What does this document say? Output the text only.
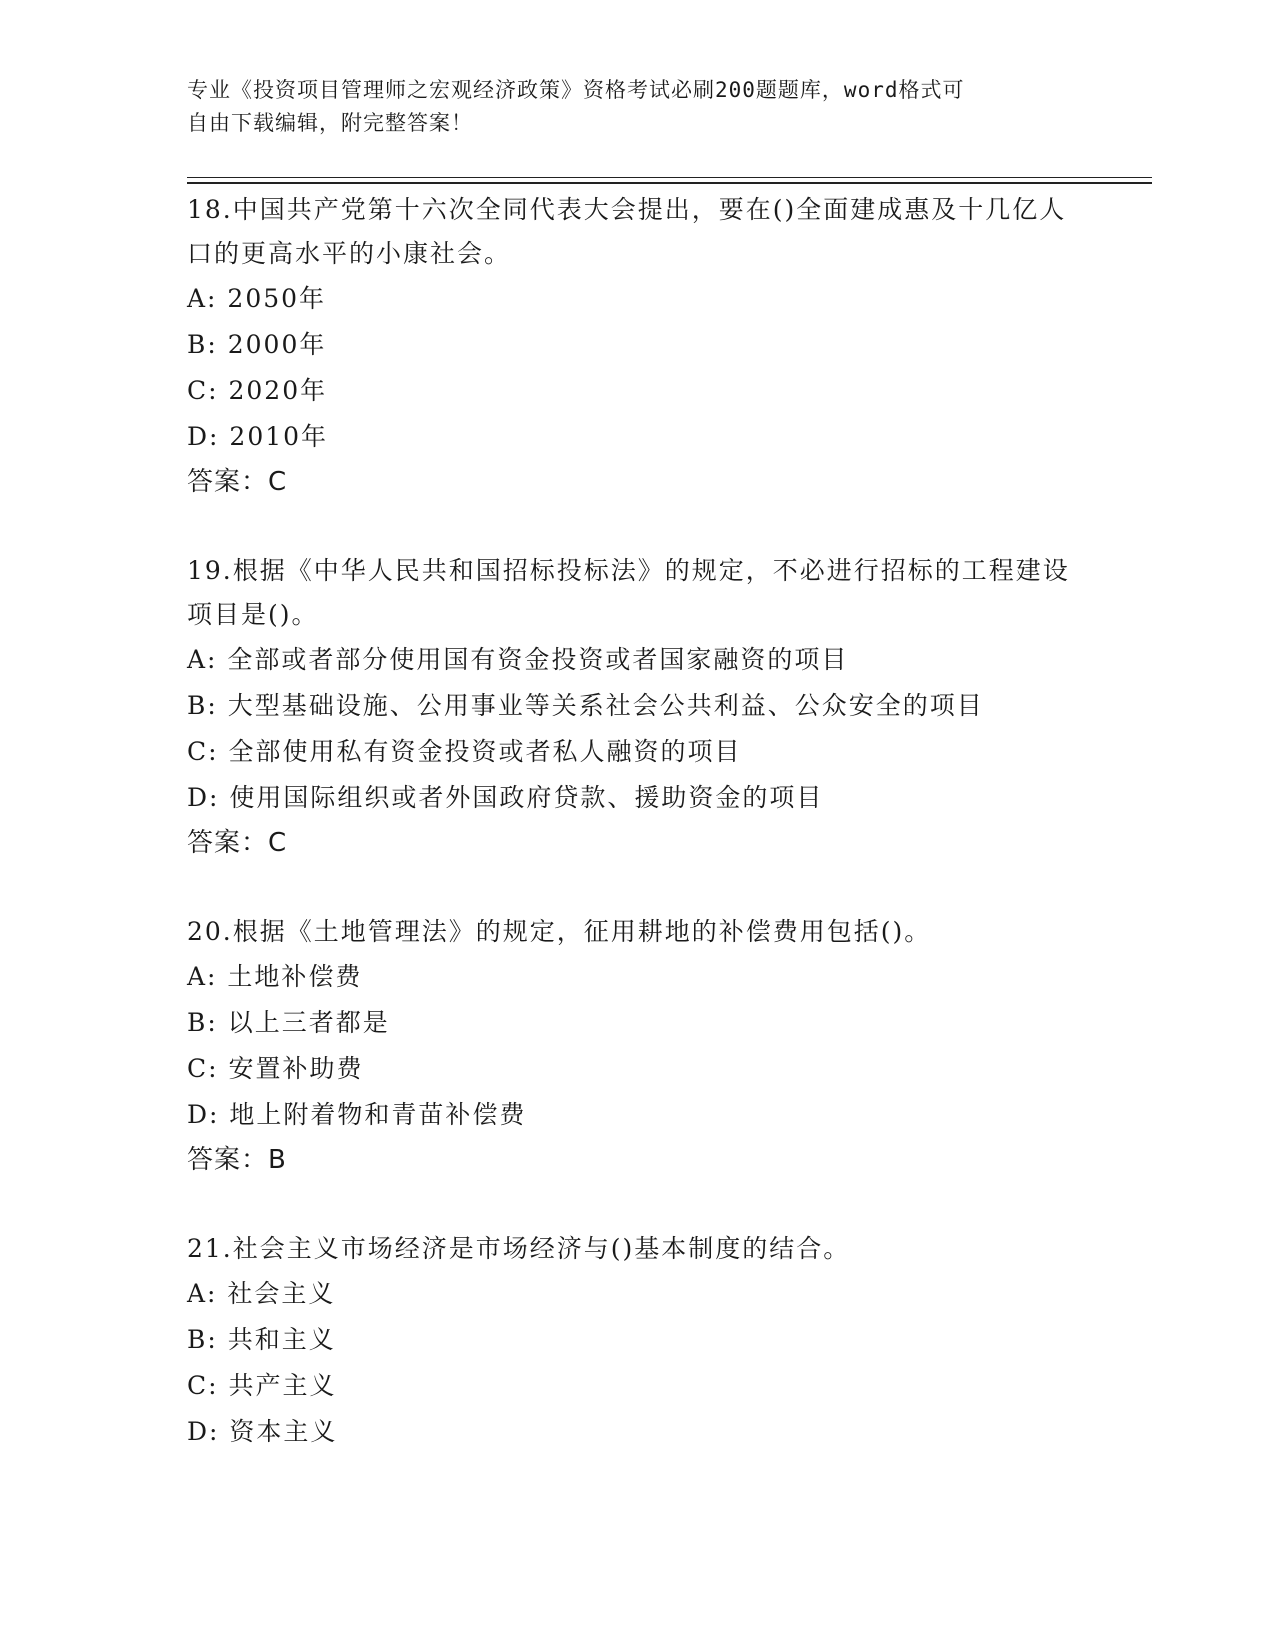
专业《投资项目管理师之宏观经济政策》资格考试必刷200题题库，word格式可
自由下载编辑，附完整答案！
18.中国共产党第十六次全同代表大会提出，要在()全面建成惠及十几亿人口的更高水平的小康社会。
A: 2050年
B: 2000年
C: 2020年
D: 2010年
答案：C
19.根据《中华人民共和国招标投标法》的规定，不必进行招标的工程建设项目是()。
A: 全部或者部分使用国有资金投资或者国家融资的项目
B: 大型基础设施、公用事业等关系社会公共利益、公众安全的项目
C: 全部使用私有资金投资或者私人融资的项目
D: 使用国际组织或者外国政府贷款、援助资金的项目
答案：C
20.根据《土地管理法》的规定，征用耕地的补偿费用包括()。
A: 土地补偿费
B: 以上三者都是
C: 安置补助费
D: 地上附着物和青苗补偿费
答案：B
21.社会主义市场经济是市场经济与()基本制度的结合。
A: 社会主义
B: 共和主义
C: 共产主义
D: 资本主义
